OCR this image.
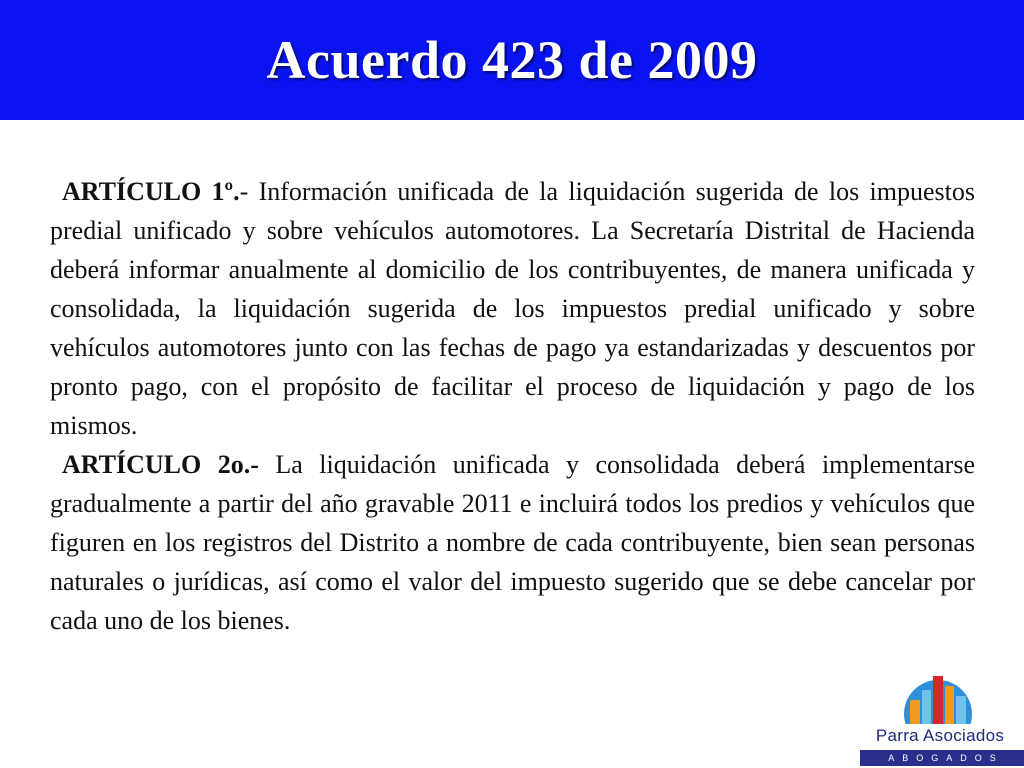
Acuerdo 423 de 2009

ARTÍCULO 1º.- Información unificada de la liquidación sugerida de los impuestos predial unificado y sobre vehículos automotores. La Secretaría Distrital de Hacienda deberá informar anualmente al domicilio de los contribuyentes, de manera unificada y consolidada, la liquidación sugerida de los impuestos predial unificado y sobre vehículos automotores junto con las fechas de pago ya estandarizadas y descuentos por pronto pago, con el propósito de facilitar el proceso de liquidación y pago de los mismos.

ARTÍCULO 2o.- La liquidación unificada y consolidada deberá implementarse gradualmente a partir del año gravable 2011 e incluirá todos los predios y vehículos que figuren en los registros del Distrito a nombre de cada contribuyente, bien sean personas naturales o jurídicas, así como el valor del impuesto sugerido que se debe cancelar por cada uno de los bienes.

Parra Asociados
ABOGADOS
